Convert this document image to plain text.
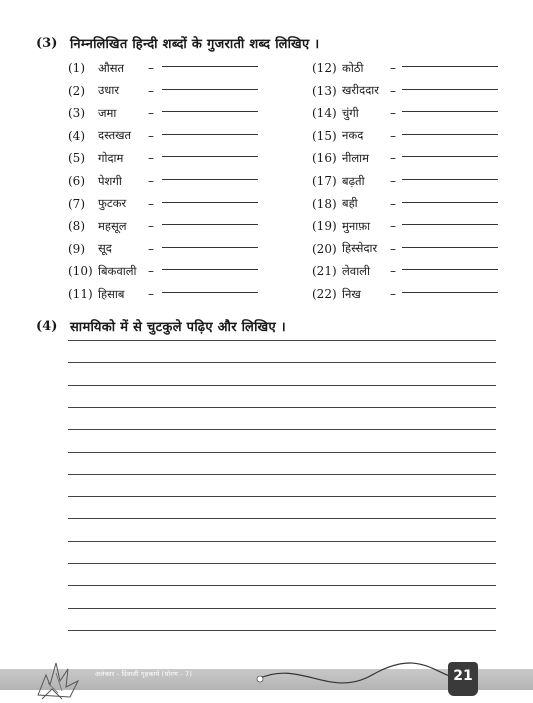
(3) निम्नलिखित हिन्दी शब्दों के गुजराती शब्द लिखिए ।
(1)	औसत –
(2)	उधार –
(3)	जमा	–
(4)	दस्तखत –
(5)	गोदाम –
(6)	पेशगी –
(7)	फुटकर –
(8)	महसूल –
(9)	सूद	–
(10) बिकवाली –
(11) हिसाब –
(12) कोठी –
(13) खरीददार –
(14) चुंगी	–
(15) नकद –
(16) नीलाम –
(17) बढ़ती –
(18) बही	–
(19) मुनाफ़ा –
(20) हिस्सेदार –
(21) लेवाली –
(22) निख –
(4) सामयिको में से चुटकुले पढ़िए और लिखिए ।
अलंकार - दिवाली गृहकार्य (धोरण - 7)	21
